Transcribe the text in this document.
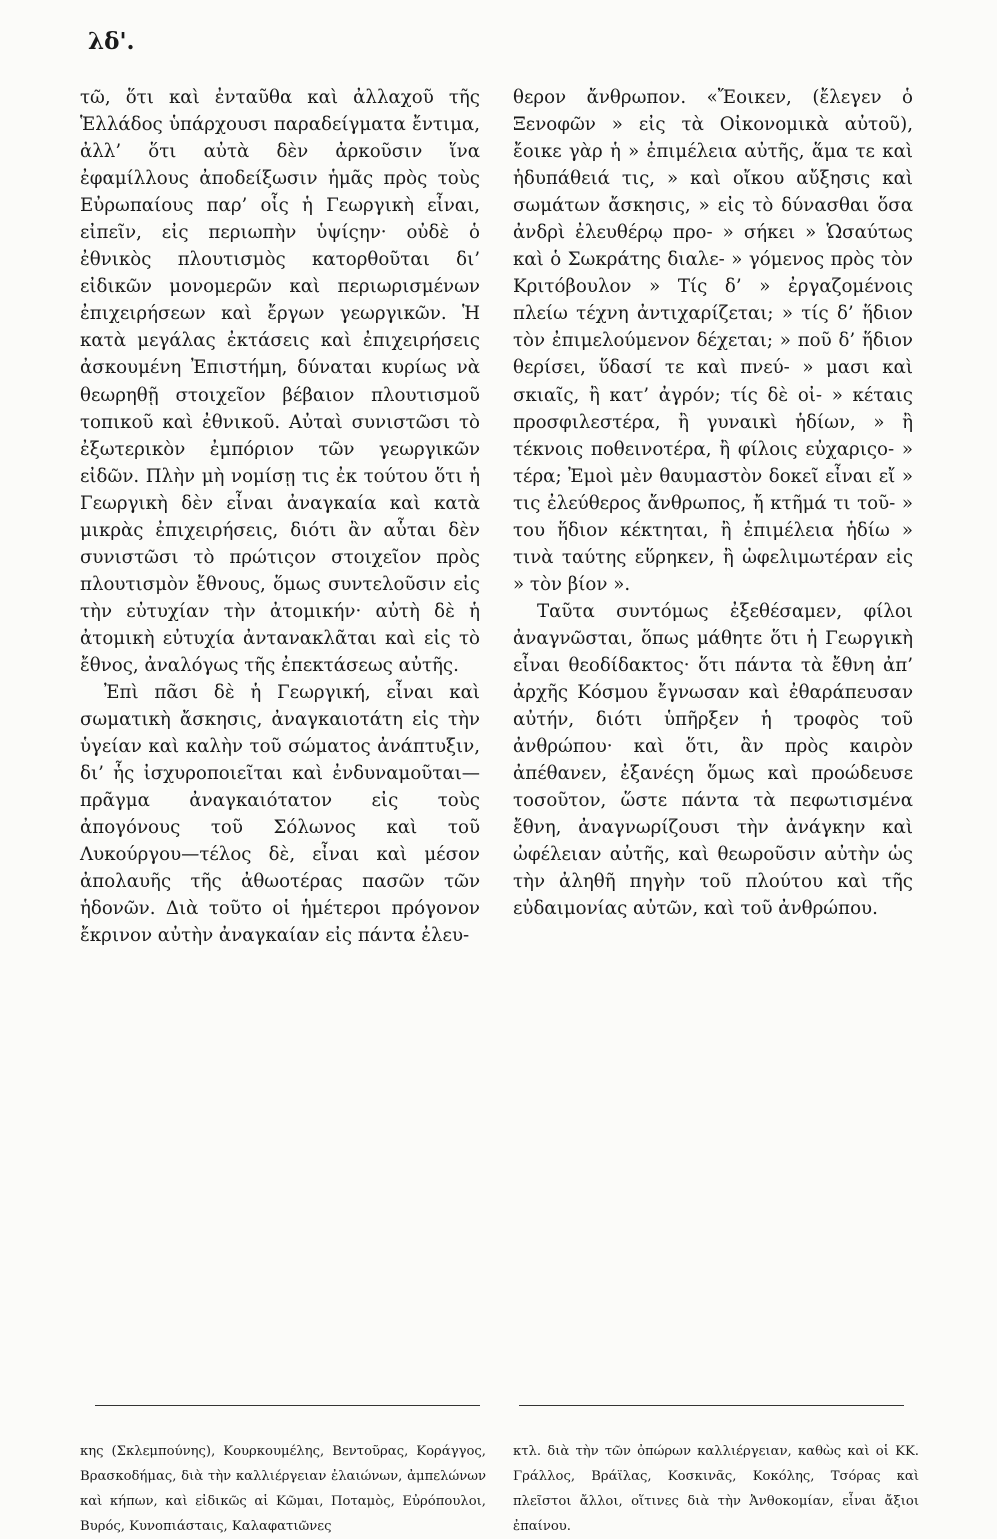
λδ'.

τῶ, ὅτι καὶ ἐνταῦθα καὶ ἀλλαχοῦ τῆς Ἑλλάδος ὑπάρχουσι παραδείγματα ἔντιμα, ἀλλ’ ὅτι αὐτὰ δὲν ἀρκοῦσιν ἵνα ἐφαμίλλους ἀποδείξωσιν ἡμᾶς πρὸς τοὺς Εὐρωπαίους παρ’ οἷς ἡ Γεωργικὴ εἶναι, εἰπεῖν, εἰς περιωπὴν ὑψίςην· οὐδὲ ὁ ἐθνικὸς πλουτισμὸς κατορθοῦται δι’ εἰδικῶν μονομερῶν καὶ περιωρισμένων ἐπιχειρήσεων καὶ ἔργων γεωργικῶν. Ἡ κατὰ μεγάλας ἐκτάσεις καὶ ἐπιχειρήσεις ἀσκουμένη Ἐπιστήμη, δύναται κυρίως νὰ θεωρηθῇ στοιχεῖον βέβαιον πλουτισμοῦ τοπικοῦ καὶ ἐθνικοῦ. Αὐταὶ συνιστῶσι τὸ ἐξωτερικὸν ἐμπόριον τῶν γεωργικῶν εἰδῶν. Πλὴν μὴ νομίσῃ τις ἐκ τούτου ὅτι ἡ Γεωργικὴ δὲν εἶναι ἀναγκαία καὶ κατὰ μικρὰς ἐπιχειρήσεις, διότι ἂν αὗται δὲν συνιστῶσι τὸ πρώτιςον στοιχεῖον πρὸς πλουτισμὸν ἔθνους, ὅμως συντελοῦσιν εἰς τὴν εὐτυχίαν τὴν ἀτομικήν· αὐτὴ δὲ ἡ ἀτομικὴ εὐτυχία ἀντανακλᾶται καὶ εἰς τὸ ἔθνος, ἀναλόγως τῆς ἐπεκτάσεως αὐτῆς.

Ἐπὶ πᾶσι δὲ ἡ Γεωργική, εἶναι καὶ σωματικὴ ἄσκησις, ἀναγκαιοτάτη εἰς τὴν ὑγείαν καὶ καλὴν τοῦ σώματος ἀνάπτυξιν, δι’ ἧς ἰσχυροποιεῖται καὶ ἐνδυναμοῦται—πρᾶγμα ἀναγκαιότατον εἰς τοὺς ἀπογόνους τοῦ Σόλωνος καὶ τοῦ Λυκούργου—τέλος δὲ, εἶναι καὶ μέσον ἀπολαυῆς τῆς ἀθωοτέρας πασῶν τῶν ἡδονῶν. Διὰ τοῦτο οἱ ἡμέτεροι πρόγονον ἔκρινον αὐτὴν ἀναγκαίαν εἰς πάντα ἐλευ-

θερον ἄνθρωπον. «Ἔοικεν, (ἔλεγεν ὁ Ξενοφῶν » εἰς τὰ Οἰκονομικὰ αὐτοῦ), ἔοικε γὰρ ἡ » ἐπιμέλεια αὐτῆς, ἅμα τε καὶ ἡδυπάθειά τις, » καὶ οἴκου αὔξησις καὶ σωμάτων ἄσκησις, » εἰς τὸ δύνασθαι ὅσα ἀνδρὶ ἐλευθέρῳ προ- » σήκει » Ὡσαύτως καὶ ὁ Σωκράτης διαλε- » γόμενος πρὸς τὸν Κριτόβουλον » Τίς δ’ » ἐργαζομένοις πλείω τέχνη ἀντιχαρίζεται; » τίς δ’ ἥδιον τὸν ἐπιμελούμενον δέχεται; » ποῦ δ’ ἥδιον θερίσει, ὕδασί τε καὶ πνεύ- » μασι καὶ σκιαῖς, ἢ κατ’ ἀγρόν; τίς δὲ οἰ- » κέταις προσφιλεστέρα, ἢ γυναικὶ ἡδίων, » ἢ τέκνοις ποθεινοτέρα, ἢ φίλοις εὐχαριςο- » τέρα; Ἐμοὶ μὲν θαυμαστὸν δοκεῖ εἶναι εἴ » τις ἐλεύθερος ἄνθρωπος, ἤ κτῆμά τι τοῦ- » του ἥδιον κέκτηται, ἢ ἐπιμέλεια ἡδίω » τινὰ ταύτης εὕρηκεν, ἢ ὠφελιμωτέραν εἰς » τὸν βίον ».

Ταῦτα συντόμως ἐξεθέσαμεν, φίλοι ἀναγνῶσται, ὅπως μάθητε ὅτι ἡ Γεωργικὴ εἶναι θεοδίδακτος· ὅτι πάντα τὰ ἔθνη ἀπ’ ἀρχῆς Κόσμου ἔγνωσαν καὶ ἐθαράπευσαν αὐτήν, διότι ὑπῆρξεν ἡ τροφὸς τοῦ ἀνθρώπου· καὶ ὅτι, ἂν πρὸς καιρὸν ἀπέθανεν, ἐξανέςη ὅμως καὶ προώδευσε τοσοῦτον, ὥστε πάντα τὰ πεφωτισμένα ἔθνη, ἀναγνωρίζουσι τὴν ἀνάγκην καὶ ὠφέλειαν αὐτῆς, καὶ θεωροῦσιν αὐτὴν ὡς τὴν ἀληθῆ πηγὴν τοῦ πλούτου καὶ τῆς εὐδαιμονίας αὐτῶν, καὶ τοῦ ἀνθρώπου.

κης (Σκλεμπούνης), Κουρκουμέλης, Βεντοῦρας, Κοράγγος, Βρασκοδήμας, διὰ τὴν καλλιέργειαν ἐλαιώνων, ἀμπελώνων καὶ κήπων, καὶ εἰδικῶς αἱ Κῶμαι, Ποταμὸς, Εὐρόπουλοι, Βυρός, Κυνοπιάσταις, Καλαφατιῶνες
κτλ. διὰ τὴν τῶν ὀπώρων καλλιέργειαν, καθὼς καὶ οἱ ΚΚ. Γράλλος, Βράϊλας, Κοσκινᾶς, Κοκόλης, Τσόρας καὶ πλεῖστοι ἄλλοι, οἵτινες διὰ τὴν Ἀνθοκομίαν, εἶναι ἄξιοι ἐπαίνου.
